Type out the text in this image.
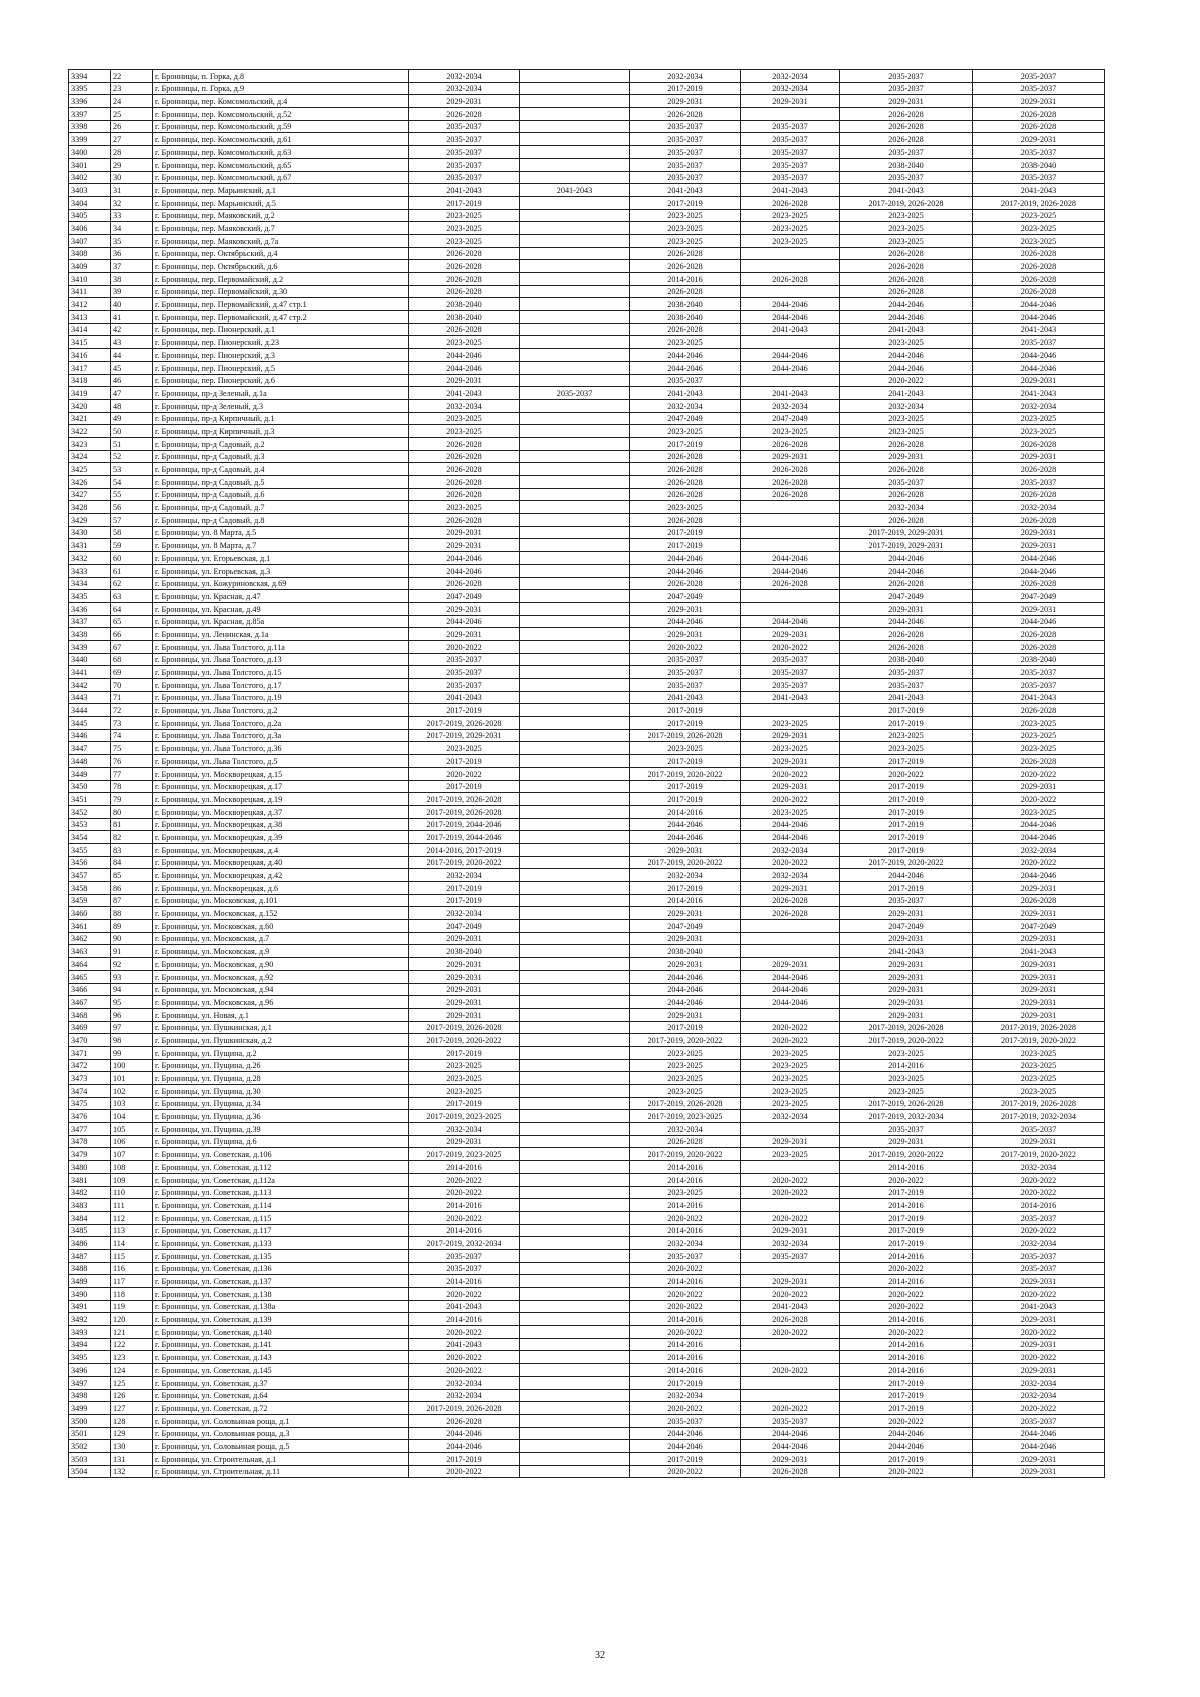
3394	22	г. Бронницы, п. Горка, д.8	2032-2034		2032-2034	2032-2034	2035-2037	2035-2037
3395	23	г. Бронницы, п. Горка, д.9	2032-2034		2017-2019	2032-2034	2035-2037	2035-2037
3396	24	г. Бронницы, пер. Комсомольский, д.4	2029-2031		2029-2031	2029-2031	2029-2031	2029-2031
3397	25	г. Бронницы, пер. Комсомольский, д.52	2026-2028		2026-2028		2026-2028	2026-2028
3398	26	г. Бронницы, пер. Комсомольский, д.59	2035-2037		2035-2037	2035-2037	2026-2028	2026-2028
3399	27	г. Бронницы, пер. Комсомольский, д.61	2035-2037		2035-2037	2035-2037	2026-2028	2029-2031
3400	28	г. Бронницы, пер. Комсомольский, д.63	2035-2037		2035-2037	2035-2037	2035-2037	2035-2037
3401	29	г. Бронницы, пер. Комсомольский, д.65	2035-2037		2035-2037	2035-2037	2038-2040	2038-2040
3402	30	г. Бронницы, пер. Комсомольский, д.67	2035-2037		2035-2037	2035-2037	2035-2037	2035-2037
3403	31	г. Бронницы, пер. Марьинский, д.1	2041-2043	2041-2043	2041-2043	2041-2043	2041-2043	2041-2043
3404	32	г. Бронницы, пер. Марьинский, д.5	2017-2019		2017-2019	2026-2028	2017-2019, 2026-2028	2017-2019, 2026-2028
3405	33	г. Бронницы, пер. Маяковский, д.2	2023-2025		2023-2025	2023-2025	2023-2025	2023-2025
3406	34	г. Бронницы, пер. Маяковский, д.7	2023-2025		2023-2025	2023-2025	2023-2025	2023-2025
3407	35	г. Бронницы, пер. Маяковский, д.7а	2023-2025		2023-2025	2023-2025	2023-2025	2023-2025
3408	36	г. Бронницы, пер. Октябрьский, д.4	2026-2028		2026-2028		2026-2028	2026-2028
3409	37	г. Бронницы, пер. Октябрьский, д.6	2026-2028		2026-2028		2026-2028	2026-2028
3410	38	г. Бронницы, пер. Первомайский, д.2	2026-2028		2014-2016	2026-2028	2026-2028	2026-2028
3411	39	г. Бронницы, пер. Первомайский, д.30	2026-2028		2026-2028		2026-2028	2026-2028
3412	40	г. Бронницы, пер. Первомайский, д.47 стр.1	2038-2040		2038-2040	2044-2046	2044-2046	2044-2046
3413	41	г. Бронницы, пер. Первомайский, д.47 стр.2	2038-2040		2038-2040	2044-2046	2044-2046	2044-2046
3414	42	г. Бронницы, пер. Пионерский, д.1	2026-2028		2026-2028	2041-2043	2041-2043	2041-2043
3415	43	г. Бронницы, пер. Пионерский, д.23	2023-2025		2023-2025		2023-2025	2035-2037
3416	44	г. Бронницы, пер. Пионерский, д.3	2044-2046		2044-2046	2044-2046	2044-2046	2044-2046
3417	45	г. Бронницы, пер. Пионерский, д.5	2044-2046		2044-2046	2044-2046	2044-2046	2044-2046
3418	46	г. Бронницы, пер. Пионерский, д.6	2029-2031		2035-2037		2020-2022	2029-2031
3419	47	г. Бронницы, пр-д Зеленый, д.1а	2041-2043	2035-2037	2041-2043	2041-2043	2041-2043	2041-2043
3420	48	г. Бронницы, пр-д Зеленый, д.3	2032-2034		2032-2034	2032-2034	2032-2034	2032-2034
3421	49	г. Бронницы, пр-д Кирпичный, д.1	2023-2025		2047-2049	2047-2049	2023-2025	2023-2025
3422	50	г. Бронницы, пр-д Кирпичный, д.3	2023-2025		2023-2025	2023-2025	2023-2025	2023-2025
3423	51	г. Бронницы, пр-д Садовый, д.2	2026-2028		2017-2019	2026-2028	2026-2028	2026-2028
3424	52	г. Бронницы, пр-д Садовый, д.3	2026-2028		2026-2028	2029-2031	2029-2031	2029-2031
3425	53	г. Бронницы, пр-д Садовый, д.4	2026-2028		2026-2028	2026-2028	2026-2028	2026-2028
3426	54	г. Бронницы, пр-д Садовый, д.5	2026-2028		2026-2028	2026-2028	2035-2037	2035-2037
3427	55	г. Бронницы, пр-д Садовый, д.6	2026-2028		2026-2028	2026-2028	2026-2028	2026-2028
3428	56	г. Бронницы, пр-д Садовый, д.7	2023-2025		2023-2025		2032-2034	2032-2034
3429	57	г. Бронницы, пр-д Садовый, д.8	2026-2028		2026-2028		2026-2028	2026-2028
3430	58	г. Бронницы, ул. 8 Марта, д.5	2029-2031		2017-2019		2017-2019, 2029-2031	2029-2031
3431	59	г. Бронницы, ул. 8 Марта, д.7	2029-2031		2017-2019		2017-2019, 2029-2031	2029-2031
3432	60	г. Бронницы, ул. Егорьевская, д.1	2044-2046		2044-2046	2044-2046	2044-2046	2044-2046
3433	61	г. Бронницы, ул. Егорьевская, д.3	2044-2046		2044-2046	2044-2046	2044-2046	2044-2046
3434	62	г. Бронницы, ул. Кожуриновская, д.69	2026-2028		2026-2028	2026-2028	2026-2028	2026-2028
3435	63	г. Бронницы, ул. Красная, д.47	2047-2049		2047-2049		2047-2049	2047-2049
3436	64	г. Бронницы, ул. Красная, д.49	2029-2031		2029-2031		2029-2031	2029-2031
3437	65	г. Бронницы, ул. Красная, д.85а	2044-2046		2044-2046	2044-2046	2044-2046	2044-2046
3438	66	г. Бронницы, ул. Ленинская, д.1а	2029-2031		2029-2031	2029-2031	2026-2028	2026-2028
3439	67	г. Бронницы, ул. Льва Толстого, д.11а	2020-2022		2020-2022	2020-2022	2026-2028	2026-2028
3440	68	г. Бронницы, ул. Льва Толстого, д.13	2035-2037		2035-2037	2035-2037	2038-2040	2038-2040
3441	69	г. Бронницы, ул. Льва Толстого, д.15	2035-2037		2035-2037	2035-2037	2035-2037	2035-2037
3442	70	г. Бронницы, ул. Льва Толстого, д.17	2035-2037		2035-2037	2035-2037	2035-2037	2035-2037
3443	71	г. Бронницы, ул. Льва Толстого, д.19	2041-2043		2041-2043	2041-2043	2041-2043	2041-2043
3444	72	г. Бронницы, ул. Льва Толстого, д.2	2017-2019		2017-2019		2017-2019	2026-2028
3445	73	г. Бронницы, ул. Льва Толстого, д.2а	2017-2019, 2026-2028		2017-2019	2023-2025	2017-2019	2023-2025
3446	74	г. Бронницы, ул. Льва Толстого, д.3а	2017-2019, 2029-2031		2017-2019, 2026-2028	2029-2031	2023-2025	2023-2025
3447	75	г. Бронницы, ул. Льва Толстого, д.36	2023-2025		2023-2025	2023-2025	2023-2025	2023-2025
3448	76	г. Бронницы, ул. Льва Толстого, д.5	2017-2019		2017-2019	2029-2031	2017-2019	2026-2028
3449	77	г. Бронницы, ул. Москворецкая, д.15	2020-2022		2017-2019, 2020-2022	2020-2022	2020-2022	2020-2022
3450	78	г. Бронницы, ул. Москворецкая, д.17	2017-2019		2017-2019	2029-2031	2017-2019	2029-2031
3451	79	г. Бронницы, ул. Москворецкая, д.19	2017-2019, 2026-2028		2017-2019	2020-2022	2017-2019	2020-2022
3452	80	г. Бронницы, ул. Москворецкая, д.37	2017-2019, 2026-2028		2014-2016	2023-2025	2017-2019	2023-2025
3453	81	г. Бронницы, ул. Москворецкая, д.38	2017-2019, 2044-2046		2044-2046	2044-2046	2017-2019	2044-2046
3454	82	г. Бронницы, ул. Москворецкая, д.39	2017-2019, 2044-2046		2044-2046	2044-2046	2017-2019	2044-2046
3455	83	г. Бронницы, ул. Москворецкая, д.4	2014-2016, 2017-2019		2029-2031	2032-2034	2017-2019	2032-2034
3456	84	г. Бронницы, ул. Москворецкая, д.40	2017-2019, 2020-2022		2017-2019, 2020-2022	2020-2022	2017-2019, 2020-2022	2020-2022
3457	85	г. Бронницы, ул. Москворецкая, д.42	2032-2034		2032-2034	2032-2034	2044-2046	2044-2046
3458	86	г. Бронницы, ул. Москворецкая, д.6	2017-2019		2017-2019	2029-2031	2017-2019	2029-2031
3459	87	г. Бронницы, ул. Московская, д.101	2017-2019		2014-2016	2026-2028	2035-2037	2026-2028
3460	88	г. Бронницы, ул. Московская, д.152	2032-2034		2029-2031	2026-2028	2029-2031	2029-2031
3461	89	г. Бронницы, ул. Московская, д.60	2047-2049		2047-2049		2047-2049	2047-2049
3462	90	г. Бронницы, ул. Московская, д.7	2029-2031		2029-2031		2029-2031	2029-2031
3463	91	г. Бронницы, ул. Московская, д.9	2038-2040		2038-2040		2041-2043	2041-2043
3464	92	г. Бронницы, ул. Московская, д.90	2029-2031		2029-2031	2029-2031	2029-2031	2029-2031
3465	93	г. Бронницы, ул. Московская, д.92	2029-2031		2044-2046	2044-2046	2029-2031	2029-2031
3466	94	г. Бронницы, ул. Московская, д.94	2029-2031		2044-2046	2044-2046	2029-2031	2029-2031
3467	95	г. Бронницы, ул. Московская, д.96	2029-2031		2044-2046	2044-2046	2029-2031	2029-2031
3468	96	г. Бронницы, ул. Новая, д.1	2029-2031		2029-2031		2029-2031	2029-2031
3469	97	г. Бронницы, ул. Пушкинская, д.1	2017-2019, 2026-2028		2017-2019	2020-2022	2017-2019, 2026-2028	2017-2019, 2026-2028
3470	98	г. Бронницы, ул. Пушкинская, д.2	2017-2019, 2020-2022		2017-2019, 2020-2022	2020-2022	2017-2019, 2020-2022	2017-2019, 2020-2022
3471	99	г. Бронницы, ул. Пущина, д.2	2017-2019		2023-2025	2023-2025	2023-2025	2023-2025
3472	100	г. Бронницы, ул. Пущина, д.26	2023-2025		2023-2025	2023-2025	2014-2016	2023-2025
3473	101	г. Бронницы, ул. Пущина, д.28	2023-2025		2023-2025	2023-2025	2023-2025	2023-2025
3474	102	г. Бронницы, ул. Пущина, д.30	2023-2025		2023-2025	2023-2025	2023-2025	2023-2025
3475	103	г. Бронницы, ул. Пущина, д.34	2017-2019		2017-2019, 2026-2028	2023-2025	2017-2019, 2026-2028	2017-2019, 2026-2028
3476	104	г. Бронницы, ул. Пущина, д.36	2017-2019, 2023-2025		2017-2019, 2023-2025	2032-2034	2017-2019, 2032-2034	2017-2019, 2032-2034
3477	105	г. Бронницы, ул. Пущина, д.39	2032-2034		2032-2034		2035-2037	2035-2037
3478	106	г. Бронницы, ул. Пущина, д.6	2029-2031		2026-2028	2029-2031	2029-2031	2029-2031
3479	107	г. Бронницы, ул. Советская, д.106	2017-2019, 2023-2025		2017-2019, 2020-2022	2023-2025	2017-2019, 2020-2022	2017-2019, 2020-2022
3480	108	г. Бронницы, ул. Советская, д.112	2014-2016		2014-2016		2014-2016	2032-2034
3481	109	г. Бронницы, ул. Советская, д.112а	2020-2022		2014-2016	2020-2022	2020-2022	2020-2022
3482	110	г. Бронницы, ул. Советская, д.113	2020-2022		2023-2025	2020-2022	2017-2019	2020-2022
3483	111	г. Бронницы, ул. Советская, д.114	2014-2016		2014-2016		2014-2016	2014-2016
3484	112	г. Бронницы, ул. Советская, д.115	2020-2022		2020-2022	2020-2022	2017-2019	2035-2037
3485	113	г. Бронницы, ул. Советская, д.117	2014-2016		2014-2016	2029-2031	2017-2019	2020-2022
3486	114	г. Бронницы, ул. Советская, д.133	2017-2019, 2032-2034		2032-2034	2032-2034	2017-2019	2032-2034
3487	115	г. Бронницы, ул. Советская, д.135	2035-2037		2035-2037	2035-2037	2014-2016	2035-2037
3488	116	г. Бронницы, ул. Советская, д.136	2035-2037		2020-2022		2020-2022	2035-2037
3489	117	г. Бронницы, ул. Советская, д.137	2014-2016		2014-2016	2029-2031	2014-2016	2029-2031
3490	118	г. Бронницы, ул. Советская, д.138	2020-2022		2020-2022	2020-2022	2020-2022	2020-2022
3491	119	г. Бронницы, ул. Советская, д.138а	2041-2043		2020-2022	2041-2043	2020-2022	2041-2043
3492	120	г. Бронницы, ул. Советская, д.139	2014-2016		2014-2016	2026-2028	2014-2016	2029-2031
3493	121	г. Бронницы, ул. Советская, д.140	2020-2022		2020-2022	2020-2022	2020-2022	2020-2022
3494	122	г. Бронницы, ул. Советская, д.141	2041-2043		2014-2016		2014-2016	2029-2031
3495	123	г. Бронницы, ул. Советская, д.143	2020-2022		2014-2016		2014-2016	2020-2022
3496	124	г. Бронницы, ул. Советская, д.145	2020-2022		2014-2016	2020-2022	2014-2016	2029-2031
3497	125	г. Бронницы, ул. Советская, д.37	2032-2034		2017-2019		2017-2019	2032-2034
3498	126	г. Бронницы, ул. Советская, д.64	2032-2034		2032-2034		2017-2019	2032-2034
3499	127	г. Бронницы, ул. Советская, д.72	2017-2019, 2026-2028		2020-2022	2020-2022	2017-2019	2020-2022
3500	128	г. Бронницы, ул. Соловьиная роща, д.1	2026-2028		2035-2037	2035-2037	2020-2022	2035-2037
3501	129	г. Бронницы, ул. Соловьиная роща, д.3	2044-2046		2044-2046	2044-2046	2044-2046	2044-2046
3502	130	г. Бронницы, ул. Соловьиная роща, д.5	2044-2046		2044-2046	2044-2046	2044-2046	2044-2046
3503	131	г. Бронницы, ул. Строительная, д.1	2017-2019		2017-2019	2029-2031	2017-2019	2029-2031
3504	132	г. Бронницы, ул. Строительная, д.11	2020-2022		2020-2022	2026-2028	2020-2022	2029-2031
32
